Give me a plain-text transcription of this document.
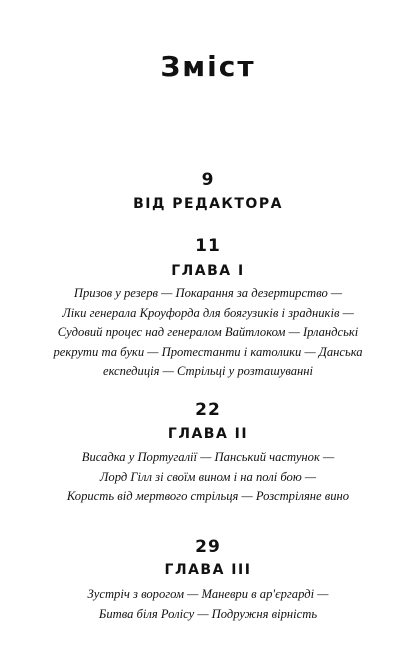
Зміст
9
ВІД РЕДАКТОРА
11
ГЛАВА I
Призов у резерв — Покарання за дезертирство —
Ліки генерала Кроуфорда для боягузиків і зрадників —
Судовий процес над генералом Вайтлоком — Ірландські
рекрути та буки — Протестанти і католики — Данська
експедиція — Стрільці у розташуванні
22
ГЛАВА II
Висадка у Португалії — Панський частунок —
Лорд Гілл зі своїм вином і на полі бою —
Користь від мертвого стрільця — Розстріляне вино
29
ГЛАВА III
Зустріч з ворогом — Маневри в ар'єргарді —
Битва біля Ролісу — Подружня вірність
